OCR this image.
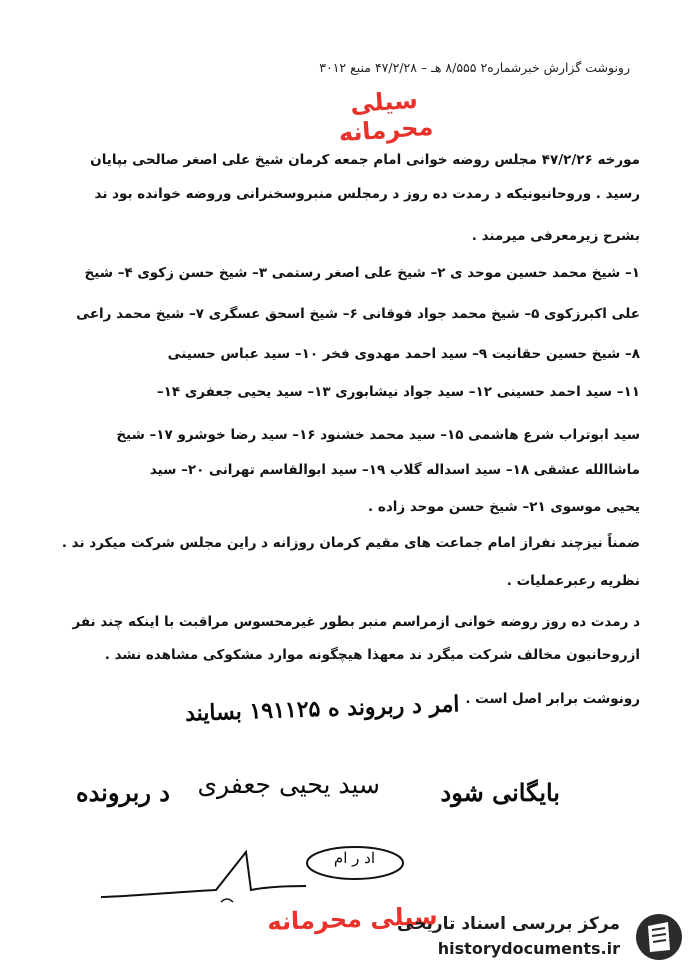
رونوشت گزارش خبرشماره۲ ۸/۵۵۵ هـ – ۴۷/۲/۲۸ منبع ۳۰۱۲
سیلی محرمانه
مورخه ۴۷/۲/۲۶ مجلس روضه خوانی امام جمعه کرمان شیخ علی اصغر صالحی بپایان
رسید . وروحانیونیکه د رمدت ده روز د رمجلس منبروسخنرانی وروضه خوانده بود ند
بشرح زیرمعرفی میرمند .
۱– شیخ محمد حسین موحد ی ۲– شیخ علی اصغر رستمی ۳– شیخ حسن زکوی ۴– شیخ
علی اکبرزکوی ۵– شیخ محمد جواد فوقانی ۶– شیخ اسحق عسگری ۷– شیخ محمد راعی
۸– شیخ حسین حقانیت ۹– سید احمد مهدوی فخر ۱۰– سید عباس حسینی
۱۱– سید احمد حسینی ۱۲– سید جواد نیشابوری ۱۳– سید یحیی جعفری ۱۴–
سید ابوتراب شرع هاشمی ۱۵– سید محمد خشنود ۱۶– سید رضا خوشرو ۱۷– شیخ
ماشاالله عشقی ۱۸– سید اسداله گلاب ۱۹– سید ابوالقاسم تهرانی ۲۰– سید
یحیی موسوی ۲۱– شیخ حسن موحد زاده .
ضمناً نیزچند نفراز امام جماعت های مقیم کرمان روزانه د راین مجلس شرکت میکرد ند .
نظریه رعبرعملیات .
د رمدت ده روز روضه خوانی ازمراسم منبر بطور غیرمحسوس مراقبت با اینکه چند نفر
ازروحانیون مخالف شرکت میگرد ند معهذا هیچگونه موارد مشکوکی مشاهده نشد .
رونوشت برابر اصل است .
امر د ربروند ه ۱۹۱۱۲۵ بسایند
د ربرونده سید یحیی جعفری	بایگانی شود
اد ر ام
سیلی محرمانه
مرکز بررسی اسناد تاریخی
historydocuments.ir
